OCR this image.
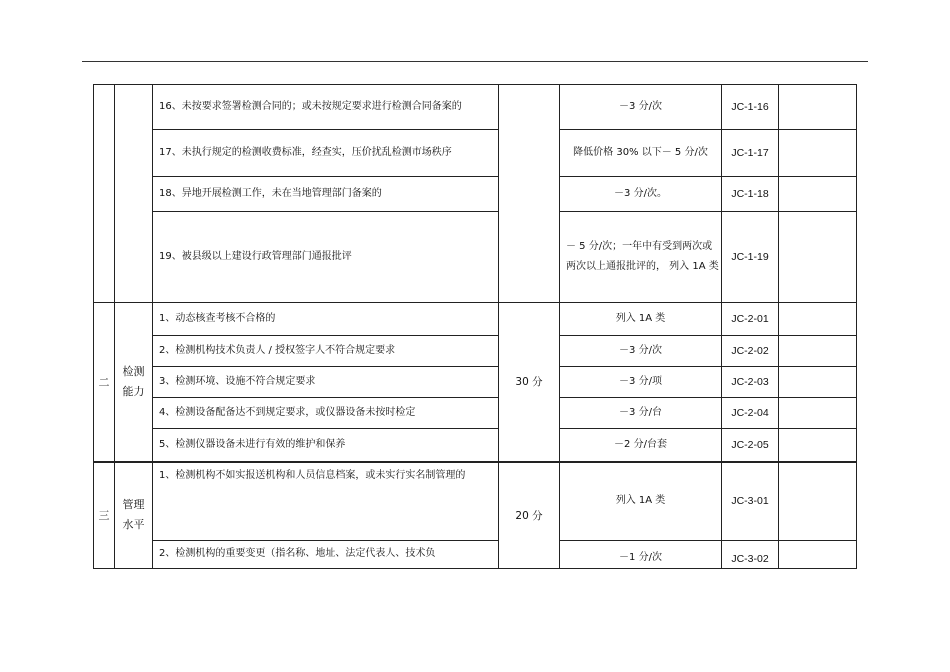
		16、未按要求签署检测合同的；或未按规定要求进行检测合同备案的		－3 分/次	JC-1-16	
		17、未执行规定的检测收费标准，经查实，压价扰乱检测市场秩序		降低价格 30% 以下－ 5 分/次	JC-1-17	
		18、异地开展检测工作，未在当地管理部门备案的		－3 分/次。	JC-1-18	
		19、被县级以上建设行政管理部门通报批评		－ 5 分/次；一年中有受到两次或两次以上通报批评的， 列入 1A 类	JC-1-19	
二	检测能力	1、动态核查考核不合格的	30 分	列入 1A 类	JC-2-01	
		2、检测机构技术负责人 / 授权签字人不符合规定要求		－3 分/次	JC-2-02	
		3、检测环境、设施不符合规定要求		－3 分/项	JC-2-03	
		4、检测设备配备达不到规定要求，或仪器设备未按时检定		－3 分/台	JC-2-04	
		5、检测仪器设备未进行有效的维护和保养		－2 分/台套	JC-2-05	
三	管理水平	1、检测机构不如实报送机构和人员信息档案，或未实行实名制管理的	20 分	列入 1A 类	JC-3-01	
		2、检测机构的重要变更（指名称、地址、法定代表人、技术负		－1 分/次	JC-3-02	
